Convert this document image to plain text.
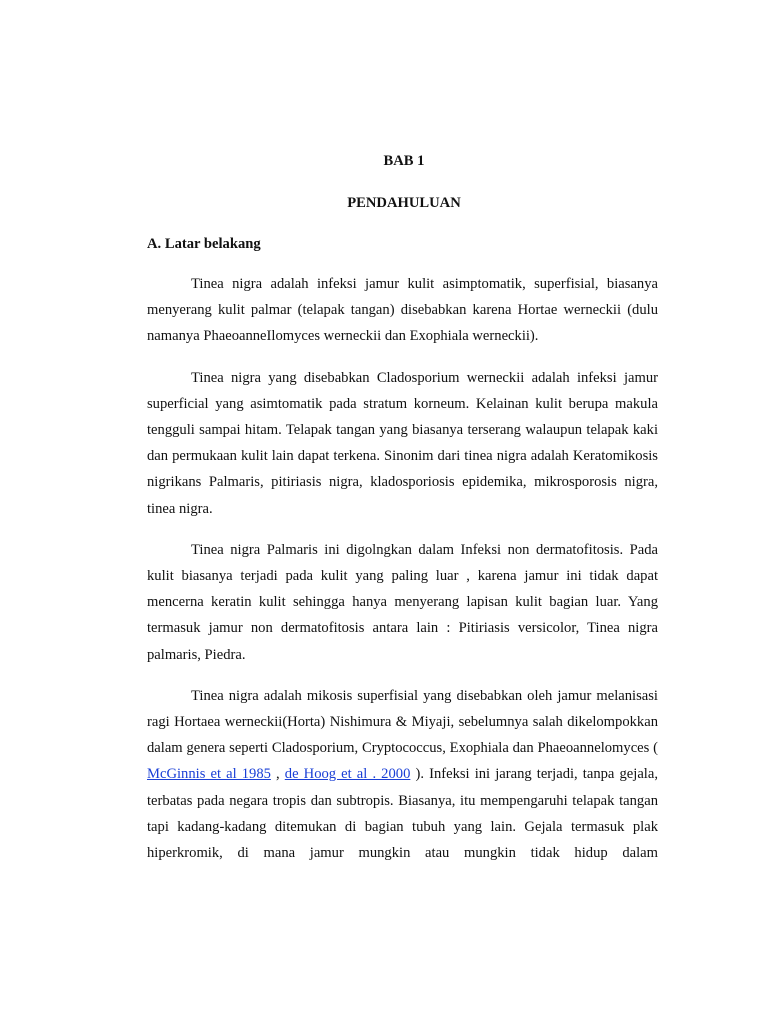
BAB 1
PENDAHULUAN
A. Latar belakang

Tinea nigra adalah infeksi jamur kulit asimptomatik, superfisial, biasanya menyerang kulit palmar (telapak tangan) disebabkan karena Hortae werneckii (dulu namanya PhaeoanneIlomyces werneckii dan Exophiala werneckii).

Tinea nigra yang disebabkan Cladosporium werneckii adalah infeksi jamur superficial yang asimtomatik pada stratum korneum. Kelainan kulit berupa makula tengguli sampai hitam. Telapak tangan yang biasanya terserang walaupun telapak kaki dan permukaan kulit lain dapat terkena. Sinonim dari tinea nigra adalah Keratomikosis nigrikans Palmaris, pitiriasis nigra, kladosporiosis epidemika, mikrosporosis nigra, tinea nigra.

Tinea nigra Palmaris ini digolngkan dalam Infeksi non dermatofitosis. Pada kulit biasanya terjadi pada kulit yang paling luar , karena jamur ini tidak dapat mencerna keratin kulit sehingga hanya menyerang lapisan kulit bagian luar. Yang termasuk jamur non dermatofitosis antara lain : Pitiriasis versicolor, Tinea nigra palmaris, Piedra.

Tinea nigra adalah mikosis superfisial yang disebabkan oleh jamur melanisasi ragi Hortaea werneckii(Horta) Nishimura & Miyaji, sebelumnya salah dikelompokkan dalam genera seperti Cladosporium, Cryptococcus, Exophiala dan Phaeoannelomyces ( McGinnis et al 1985 , de Hoog et al . 2000 ). Infeksi ini jarang terjadi, tanpa gejala, terbatas pada negara tropis dan subtropis. Biasanya, itu mempengaruhi telapak tangan tapi kadang-kadang ditemukan di bagian tubuh yang lain. Gejala termasuk plak hiperkromik, di mana jamur mungkin atau mungkin tidak hidup dalam
